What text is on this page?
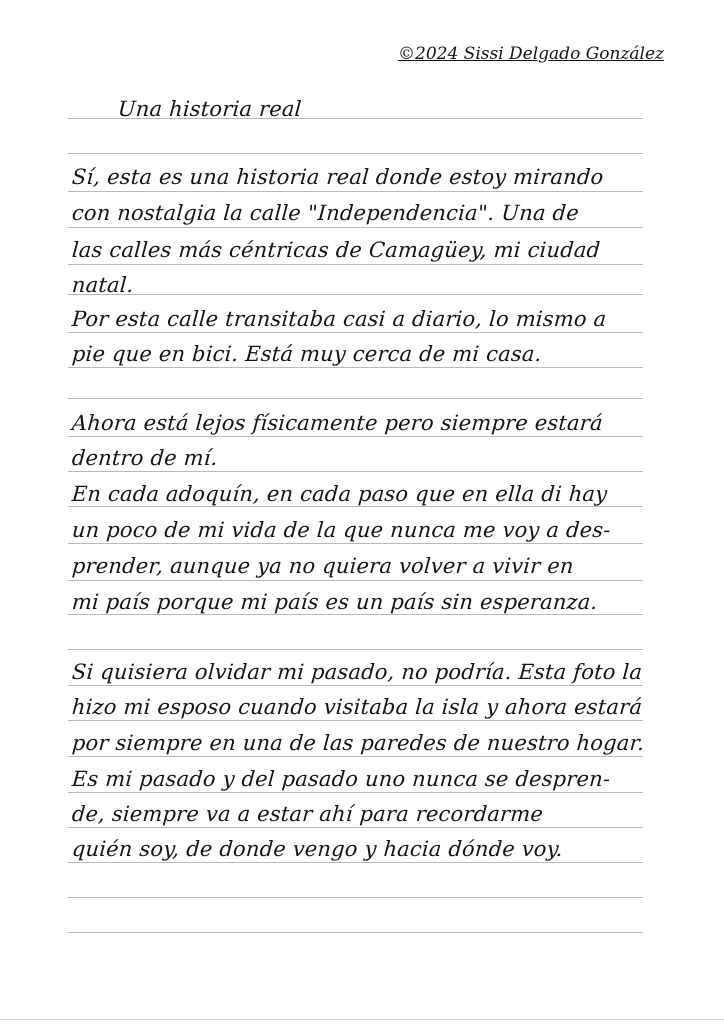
©2024 Sissi Delgado González
Una historia real
Sí, esta es una historia real donde estoy mirando
con nostalgia la calle "Independencia". Una de
las calles más céntricas de Camagüey, mi ciudad
natal.
Por esta calle transitaba casi a diario, lo mismo a
pie que en bici. Está muy cerca de mi casa.
Ahora está lejos físicamente pero siempre estará
dentro de mí.
En cada adoquín, en cada paso que en ella di hay
un poco de mi vida de la que nunca me voy a des-
prender, aunque ya no quiera volver a vivir en
mi país porque mi país es un país sin esperanza.
Si quisiera olvidar mi pasado, no podría. Esta foto la
hizo mi esposo cuando visitaba la isla y ahora estará
por siempre en una de las paredes de nuestro hogar.
Es mi pasado y del pasado uno nunca se despren-
de, siempre va a estar ahí para recordarme
quién soy, de donde vengo y hacia dónde voy.
